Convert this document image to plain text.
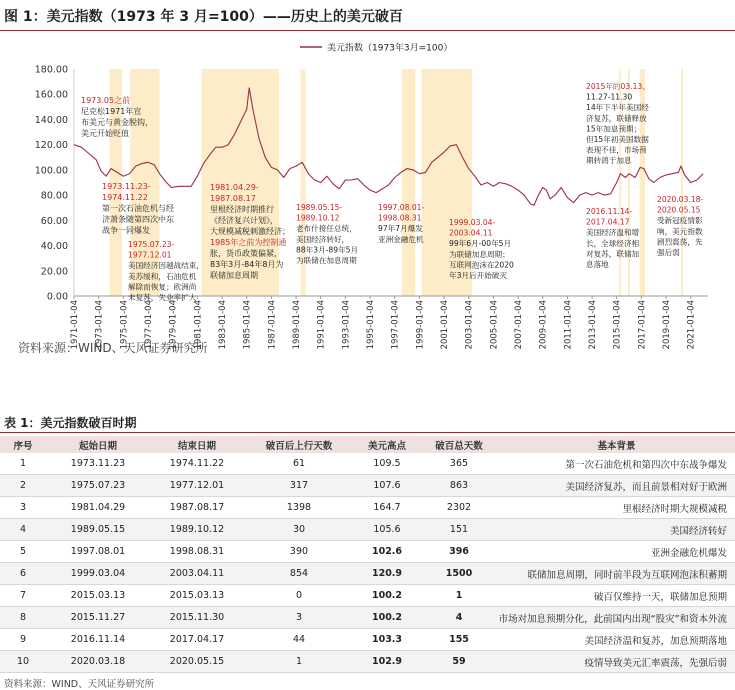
图 1：美元指数（1973 年 3 月=100）——历史上的美元破百
0.00
20.00
40.00
60.00
80.00
100.00
120.00
140.00
160.00
180.00
1971-01-04 1973-01-04 1975-01-04 1977-01-04 1979-01-04 1981-01-04 1983-01-04 1985-01-04 1987-01-04 1989-01-04 1991-01-04 1993-01-04 1995-01-04 1997-01-04 1999-01-04 2001-01-04 2003-01-04 2005-01-04 2007-01-04 2009-01-04 2011-01-04 2013-01-04 2015-01-04 2017-01-04 2019-01-04 2021-01-04
美元指数（1973年3月=100）
1973.05之前
尼克松1971年宣
布美元与黄金脱钩，
美元开始贬值
1973.11.23-
1974.11.22
第一次石油危机与经
济萧条随第四次中东
战争一同爆发
1975.07.23-
1977.12.01
美国经济因越战结束，
美苏缓和，石油危机
解除而恢复；欧洲尚
未复苏，失业率扩大
1981.04.29-
1987.08.17
里根经济时期推行
《经济复兴计划》，
大规模减税刺激经济；
1985年之前为控制通
胀，货币政策偏紧，
83年3月-84年8月为
联储加息周期
1989.05.15-
1989.10.12
老布什接任总统，
美国经济转好，
88年3月-89年5月
为联储在加息周期
1997.08.01-
1998.08.31
97年7月爆发
亚洲金融危机
1999.03.04-
2003.04.11
99年6月-00年5月
为联储加息周期；
互联网泡沫在2020
年3月后开始破灭
2015年的03.13、
11.27-11.30
14年下半年美国经
济复苏，联储释放
15年加息预期；
但15年初美国数据
表现不佳，市场预
期转鸽于加息
2016.11.14-
2017.04.17
美国经济温和增
长，全球经济相
对复苏，联储加
息落地
2020.03.18-
2020.05.15
受新冠疫情影
响，美元指数
剧烈震荡，先
强后弱
资料来源：WIND、天风证券研究所
表 1：美元指数破百时期
序号	起始日期	结束日期	破百后上行天数	美元高点	破百总天数	基本背景
1	1973.11.23	1974.11.22	61	109.5	365	第一次石油危机和第四次中东战争爆发
2	1975.07.23	1977.12.01	317	107.6	863	美国经济复苏，而且前景相对好于欧洲
3	1981.04.29	1987.08.17	1398	164.7	2302	里根经济时期大规模减税
4	1989.05.15	1989.10.12	30	105.6	151	美国经济转好
5	1997.08.01	1998.08.31	390	102.6	396	亚洲金融危机爆发
6	1999.03.04	2003.04.11	854	120.9	1500	联储加息周期，同时前半段为互联网泡沫积蓄期
7	2015.03.13	2015.03.13	0	100.2	1	破百仅维持一天，联储加息预期
8	2015.11.27	2015.11.30	3	100.2	4	市场对加息预期分化，此前国内出现“股灾”和资本外流
9	2016.11.14	2017.04.17	44	103.3	155	美国经济温和复苏，加息预期落地
10	2020.03.18	2020.05.15	1	102.9	59	疫情导致美元汇率震荡，先强后弱
资料来源：WIND、天风证券研究所
